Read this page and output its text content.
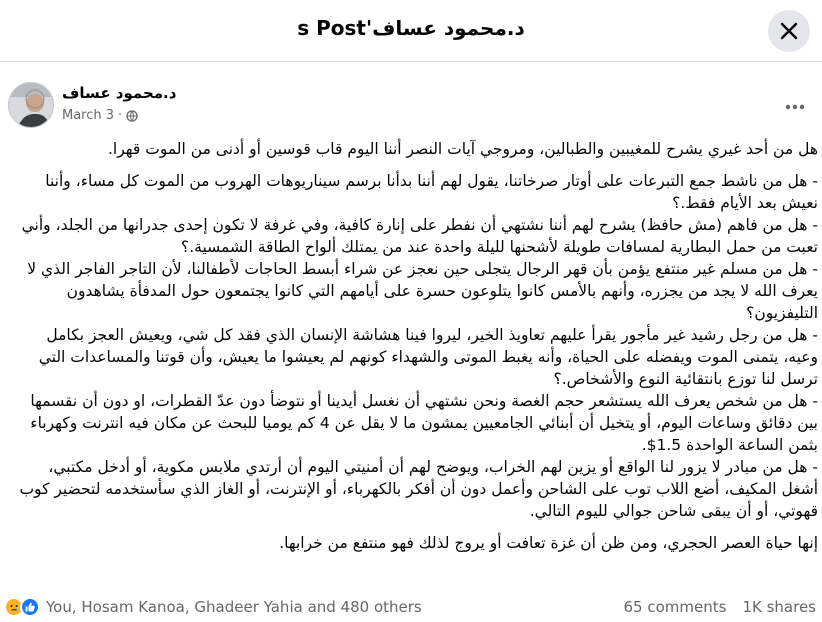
د.محمود عساف's Post
د.محمود عساف
March 3 ·

هل من أحد غيري يشرح للمغيبين والطبالين، ومروجي آيات النصر أننا اليوم قاب قوسين أو أدنى من الموت قهرا.

- هل من ناشط جمع التبرعات على أوتار صرخاتنا، يقول لهم أننا بدأنا برسم سيناريوهات الهروب من الموت كل مساء، وأننا نعيش بعد الأيام فقط.؟

- هل من فاهم (مش حافظ) يشرح لهم أننا نشتهي أن نفطر على إنارة كافية، وفي غرفة لا تكون إحدى جدرانها من الجلد، وأني تعبت من حمل البطارية لمسافات طويلة لأشحنها لليلة واحدة عند من يمتلك ألواح الطاقة الشمسية.؟

- هل من مسلم غير منتفع يؤمن بأن قهر الرجال يتجلى حين نعجز عن شراء أبسط الحاجات لأطفالنا، لأن التاجر الفاجر الذي لا يعرف الله لا يجد من يجزره، وأنهم بالأمس كانوا يتلوعون حسرة على أيامهم التي كانوا يجتمعون حول المدفأة يشاهدون التليفزيون؟

- هل من رجل رشيد غير مأجور يقرأ عليهم تعاويذ الخير، ليروا فينا هشاشة الإنسان الذي فقد كل شي، ويعيش العجز بكامل وعيه، يتمنى الموت ويفضله على الحياة، وأنه يغبط الموتى والشهداء كونهم لم يعيشوا ما يعيش، وأن قوتنا والمساعدات التي ترسل لنا توزع بانتقائية النوع والأشخاص.؟

- هل من شخص يعرف الله يستشعر حجم الغصة ونحن نشتهي أن نغسل أيدينا أو نتوضأ دون عدّ القطرات، او دون أن نقسمها بين دقائق وساعات اليوم، أو يتخيل أن أبنائي الجامعيين يمشون ما لا يقل عن 4 كم يوميا للبحث عن مكان فيه انترنت وكهرباء بثمن الساعة الواحدة 1.5$.

- هل من مبادر لا يزور لنا الواقع أو يزين لهم الخراب، ويوضح لهم أن أمنيتي اليوم أن أرتدي ملابس مكوية، أو أدخل مكتبي، أشغل المكيف، أضع اللاب توب على الشاحن وأعمل دون أن أفكر بالكهرباء، أو الإنترنت، أو الغاز الذي سأستخدمه لتحضير كوب قهوتي، أو أن يبقى شاحن جوالي لليوم التالي.

إنها حياة العصر الحجري، ومن ظن أن غزة تعافت أو يروج لذلك فهو منتفع من خرابها.

You, Hosam Kanoa, Ghadeer Yahia and 480 others	65 comments 1K shares
